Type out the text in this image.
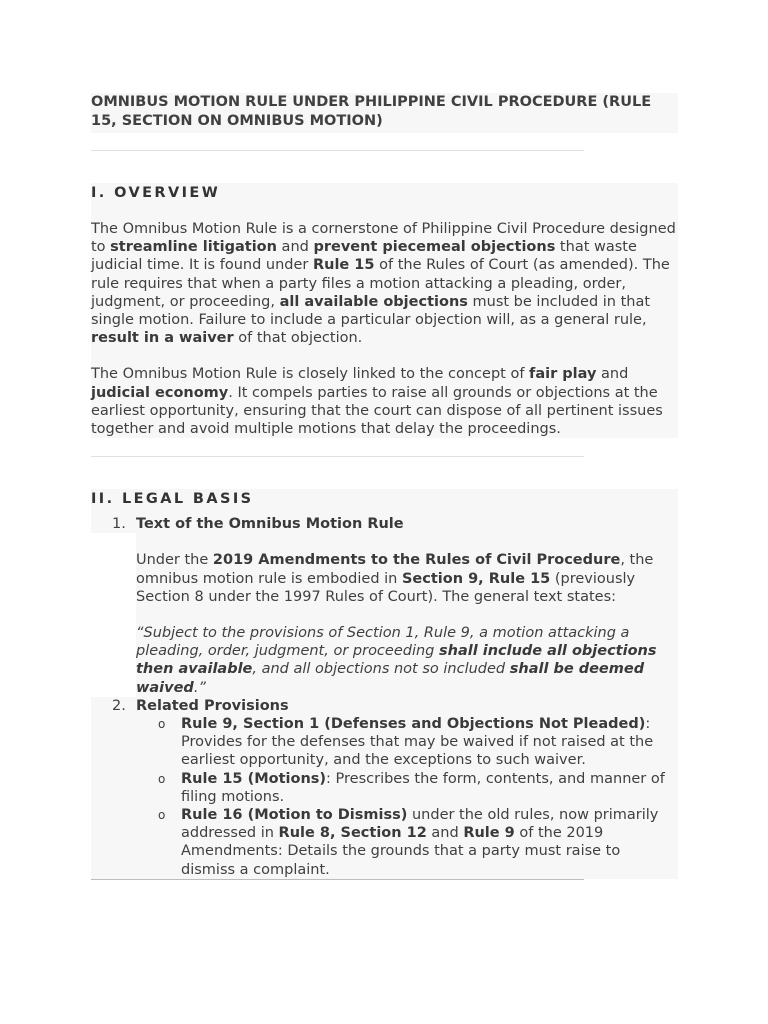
OMNIBUS MOTION RULE UNDER PHILIPPINE CIVIL PROCEDURE (RULE 15, SECTION ON OMNIBUS MOTION)

I. OVERVIEW

The Omnibus Motion Rule is a cornerstone of Philippine Civil Procedure designed to streamline litigation and prevent piecemeal objections that waste judicial time. It is found under Rule 15 of the Rules of Court (as amended). The rule requires that when a party files a motion attacking a pleading, order, judgment, or proceeding, all available objections must be included in that single motion. Failure to include a particular objection will, as a general rule, result in a waiver of that objection.

The Omnibus Motion Rule is closely linked to the concept of fair play and judicial economy. It compels parties to raise all grounds or objections at the earliest opportunity, ensuring that the court can dispose of all pertinent issues together and avoid multiple motions that delay the proceedings.

II. LEGAL BASIS

1. Text of the Omnibus Motion Rule

Under the 2019 Amendments to the Rules of Civil Procedure, the omnibus motion rule is embodied in Section 9, Rule 15 (previously Section 8 under the 1997 Rules of Court). The general text states:

“Subject to the provisions of Section 1, Rule 9, a motion attacking a pleading, order, judgment, or proceeding shall include all objections then available, and all objections not so included shall be deemed waived.”

2. Related Provisions
o Rule 9, Section 1 (Defenses and Objections Not Pleaded): Provides for the defenses that may be waived if not raised at the earliest opportunity, and the exceptions to such waiver.
o Rule 15 (Motions): Prescribes the form, contents, and manner of filing motions.
o Rule 16 (Motion to Dismiss) under the old rules, now primarily addressed in Rule 8, Section 12 and Rule 9 of the 2019 Amendments: Details the grounds that a party must raise to dismiss a complaint.
